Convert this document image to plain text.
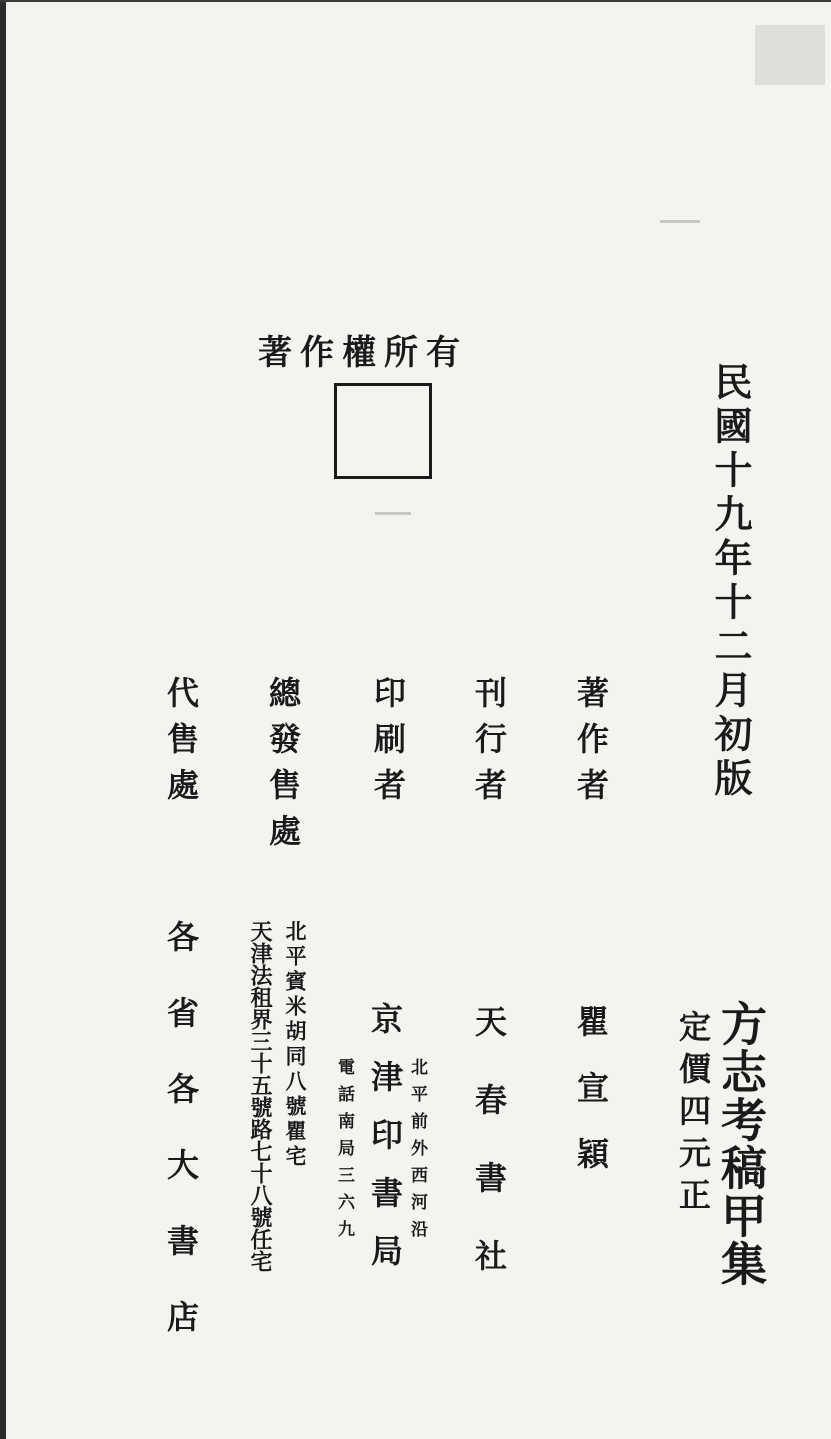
著作權所有
民國十九年十二月初版
方志考稿甲集
定價四元正
著作者
刊行者
印刷者
總發售處
代售處
瞿宣穎
天春書社
京津印書局 北平前外西河沿
電話南局三六九
北平賓米胡同八號瞿宅
天津法租界三十五號路七十八號任宅
各省各大書店
